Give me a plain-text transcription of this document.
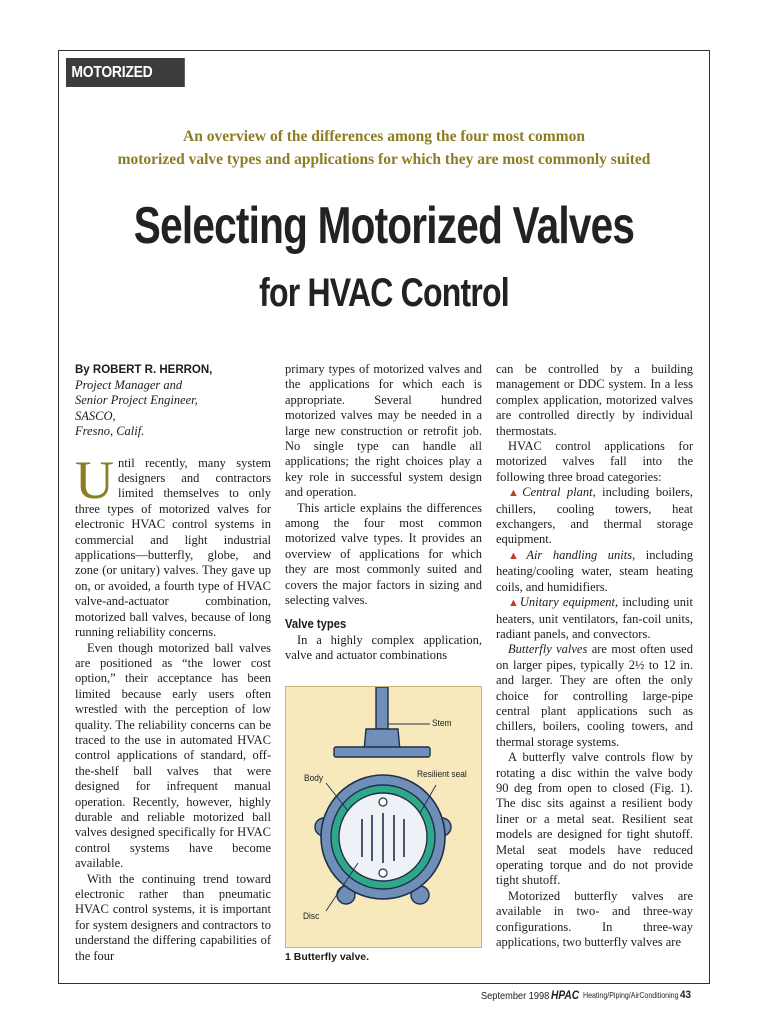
MOTORIZED VALVES
An overview of the differences among the four most common
motorized valve types and applications for which they are most commonly suited
Selecting Motorized Valves
for HVAC Control
By ROBERT R. HERRON,
Project Manager and
Senior Project Engineer,
SASCO,
Fresno, Calif.

Until recently, many system designers and contractors limited themselves to only three types of motorized valves for electronic HVAC control systems in commercial and light industrial applications—butterfly, globe, and zone (or unitary) valves. They gave up on, or avoided, a fourth type of HVAC valve-and-actuator combination, motorized ball valves, because of long running reliability concerns.

Even though motorized ball valves are positioned as “the lower cost option,” their acceptance has been limited because early users often wrestled with the perception of low quality. The reliability concerns can be traced to the use in automated HVAC control applications of standard, off-the-shelf ball valves that were designed for infrequent manual operation. Recently, however, highly durable and reliable motorized ball valves designed specifically for HVAC control systems have become available.

With the continuing trend toward electronic rather than pneumatic HVAC control systems, it is important for system designers and contractors to understand the differing capabilities of the four

primary types of motorized valves and the applications for which each is appropriate. Several hundred motorized valves may be needed in a large new construction or retrofit job. No single type can handle all applications; the right choices play a key role in successful system design and operation.

This article explains the differences among the four most common motorized valve types. It provides an overview of applications for which they are most commonly suited and covers the major factors in sizing and selecting valves.

Valve types

In a highly complex application, valve and actuator combinations

Stem
Body	Resilient seal
Disc
1 Butterfly valve.

can be controlled by a building management or DDC system. In a less complex application, motorized valves are controlled directly by individual thermostats.

HVAC control applications for motorized valves fall into the following three broad categories:

▲Central plant, including boilers, chillers, cooling towers, heat exchangers, and thermal storage equipment.

▲Air handling units, including heating/cooling water, steam heating coils, and humidifiers.

▲Unitary equipment, including unit heaters, unit ventilators, fan-coil units, radiant panels, and convectors.

Butterfly valves are most often used on larger pipes, typically 2½ to 12 in. and larger. They are often the only choice for controlling large-pipe central plant applications such as chillers, boilers, cooling towers, and thermal storage systems.

A butterfly valve controls flow by rotating a disc within the valve body 90 deg from open to closed (Fig. 1). The disc sits against a resilient body liner or a metal seat. Resilient seat models are designed for tight shutoff. Metal seat models have reduced operating torque and do not provide tight shutoff.

Motorized butterfly valves are available in two- and three-way configurations. In three-way applications, two butterfly valves are

September 1998 HPAC Heating/Piping/AirConditioning 43
